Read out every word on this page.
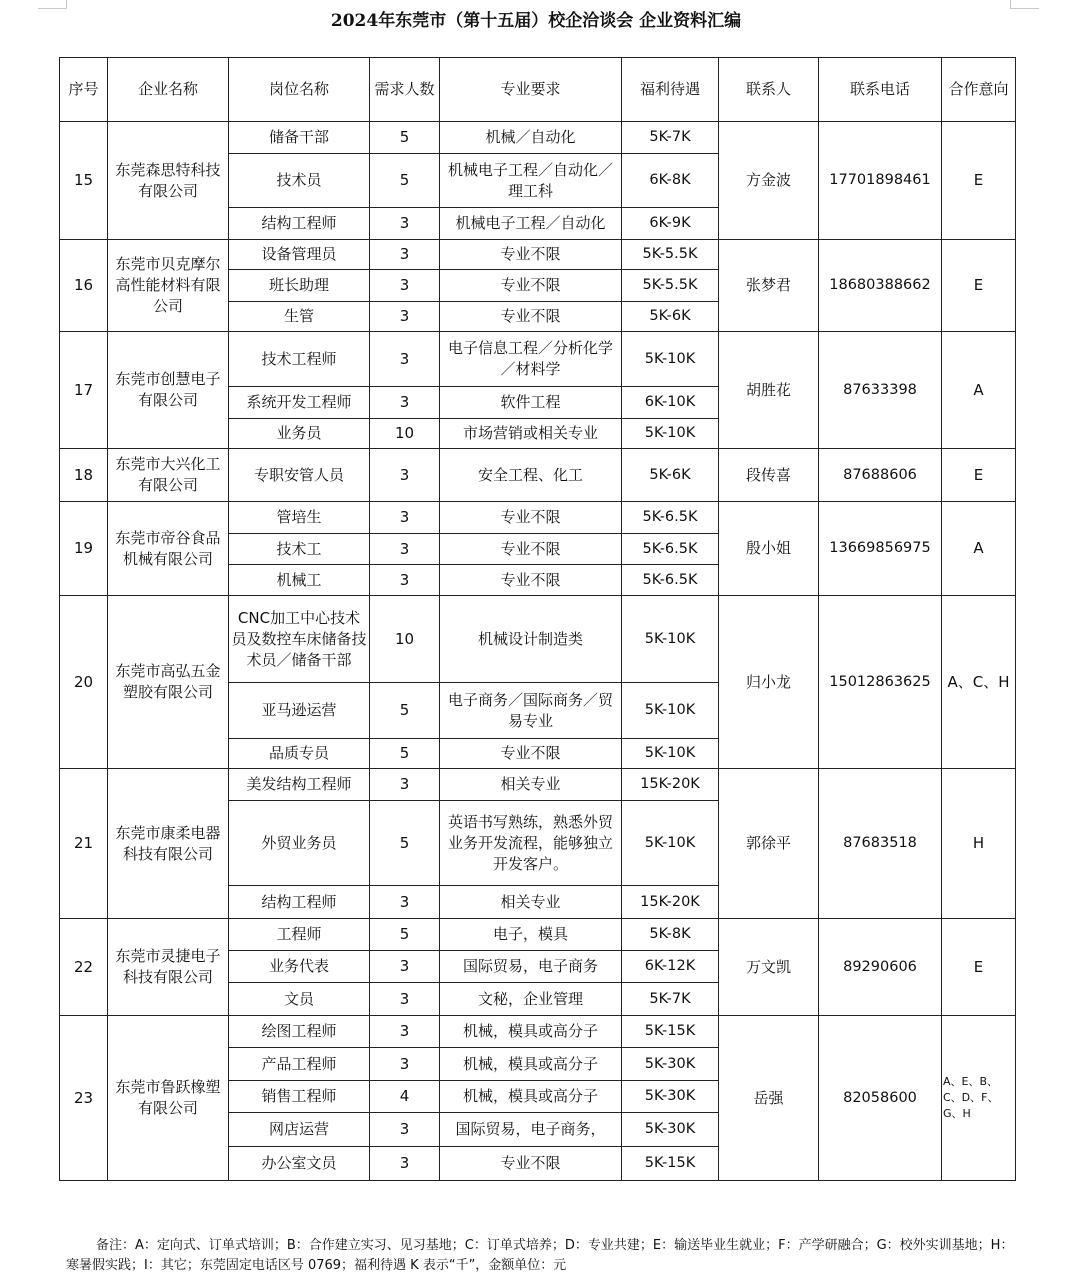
2024年东莞市（第十五届）校企洽谈会 企业资料汇编
序号	企业名称	岗位名称	需求人数	专业要求	福利待遇	联系人	联系电话	合作意向
15	东莞森思特科技有限公司	储备干部	5	机械／自动化	5K-7K	方金波	17701898461	E
		技术员	5	机械电子工程／自动化／理工科	6K-8K			
		结构工程师	3	机械电子工程／自动化	6K-9K			
16	东莞市贝克摩尔高性能材料有限公司	设备管理员	3	专业不限	5K-5.5K	张梦君	18680388662	E
		班长助理	3	专业不限	5K-5.5K			
		生管	3	专业不限	5K-6K			
17	东莞市创慧电子有限公司	技术工程师	3	电子信息工程／分析化学／材料学	5K-10K	胡胜花	87633398	A
		系统开发工程师	3	软件工程	6K-10K			
		业务员	10	市场营销或相关专业	5K-10K			
18	东莞市大兴化工有限公司	专职安管人员	3	安全工程、化工	5K-6K	段传喜	87688606	E
19	东莞市帝谷食品机械有限公司	管培生	3	专业不限	5K-6.5K	殷小姐	13669856975	A
		技术工	3	专业不限	5K-6.5K			
		机械工	3	专业不限	5K-6.5K			
20	东莞市高弘五金塑胶有限公司	CNC加工中心技术员及数控车床储备技术员／储备干部	10	机械设计制造类	5K-10K	归小龙	15012863625	A、C、H
		亚马逊运营	5	电子商务／国际商务／贸易专业	5K-10K			
		品质专员	5	专业不限	5K-10K			
21	东莞市康柔电器科技有限公司	美发结构工程师	3	相关专业	15K-20K	郭徐平	87683518	H
		外贸业务员	5	英语书写熟练，熟悉外贸业务开发流程，能够独立开发客户。	5K-10K			
		结构工程师	3	相关专业	15K-20K			
22	东莞市灵捷电子科技有限公司	工程师	5	电子，模具	5K-8K	万文凯	89290606	E
		业务代表	3	国际贸易，电子商务	6K-12K			
		文员	3	文秘，企业管理	5K-7K			
23	东莞市鲁跃橡塑有限公司	绘图工程师	3	机械，模具或高分子	5K-15K	岳强	82058600	A、E、B、C、D、F、G、H
		产品工程师	3	机械，模具或高分子	5K-30K			
		销售工程师	4	机械，模具或高分子	5K-30K			
		网店运营	3	国际贸易，电子商务，	5K-30K			
		办公室文员	3	专业不限	5K-15K			
备注：A：定向式、订单式培训；B：合作建立实习、见习基地；C：订单式培养；D：专业共建；E：输送毕业生就业；F：产学研融合；G：校外实训基地；H：寒暑假实践；I：其它；东莞固定电话区号 0769；福利待遇 K 表示“千”，金额单位：元
